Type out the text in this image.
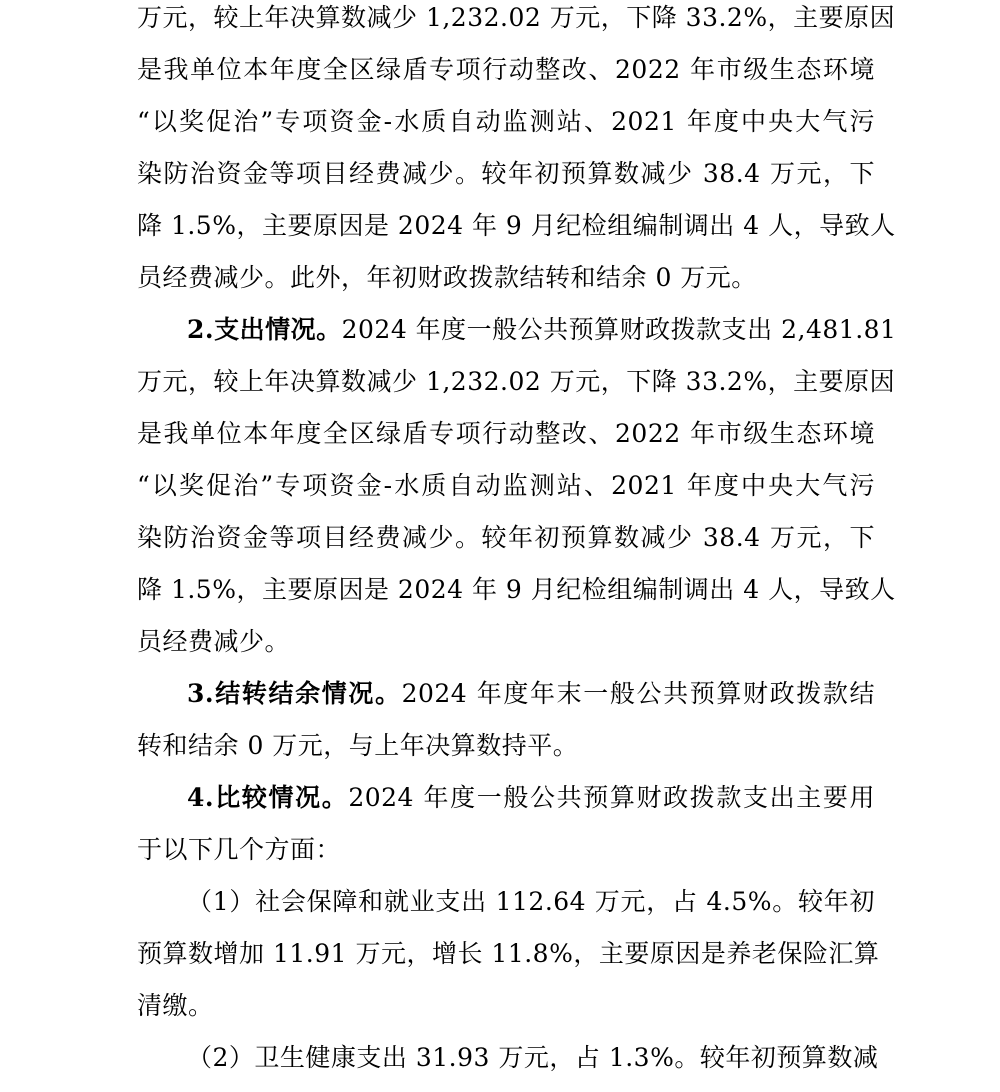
万元，较上年决算数减少 1,232.02 万元，下降 33.2%，主要原因
是我单位本年度全区绿盾专项行动整改、2022 年市级生态环境
“以奖促治”专项资金-水质自动监测站、2021 年度中央大气污
染防治资金等项目经费减少。较年初预算数减少 38.4 万元，下
降 1.5%，主要原因是 2024 年 9 月纪检组编制调出 4 人，导致人
员经费减少。此外，年初财政拨款结转和结余 0 万元。
2.支出情况。2024 年度一般公共预算财政拨款支出 2,481.81
万元，较上年决算数减少 1,232.02 万元，下降 33.2%，主要原因
是我单位本年度全区绿盾专项行动整改、2022 年市级生态环境
“以奖促治”专项资金-水质自动监测站、2021 年度中央大气污
染防治资金等项目经费减少。较年初预算数减少 38.4 万元，下
降 1.5%，主要原因是 2024 年 9 月纪检组编制调出 4 人，导致人
员经费减少。
3.结转结余情况。2024 年度年末一般公共预算财政拨款结
转和结余 0 万元，与上年决算数持平。
4.比较情况。2024 年度一般公共预算财政拨款支出主要用
于以下几个方面：
（1）社会保障和就业支出 112.64 万元，占 4.5%。较年初
预算数增加 11.91 万元，增长 11.8%，主要原因是养老保险汇算
清缴。
（2）卫生健康支出 31.93 万元，占 1.3%。较年初预算数减
